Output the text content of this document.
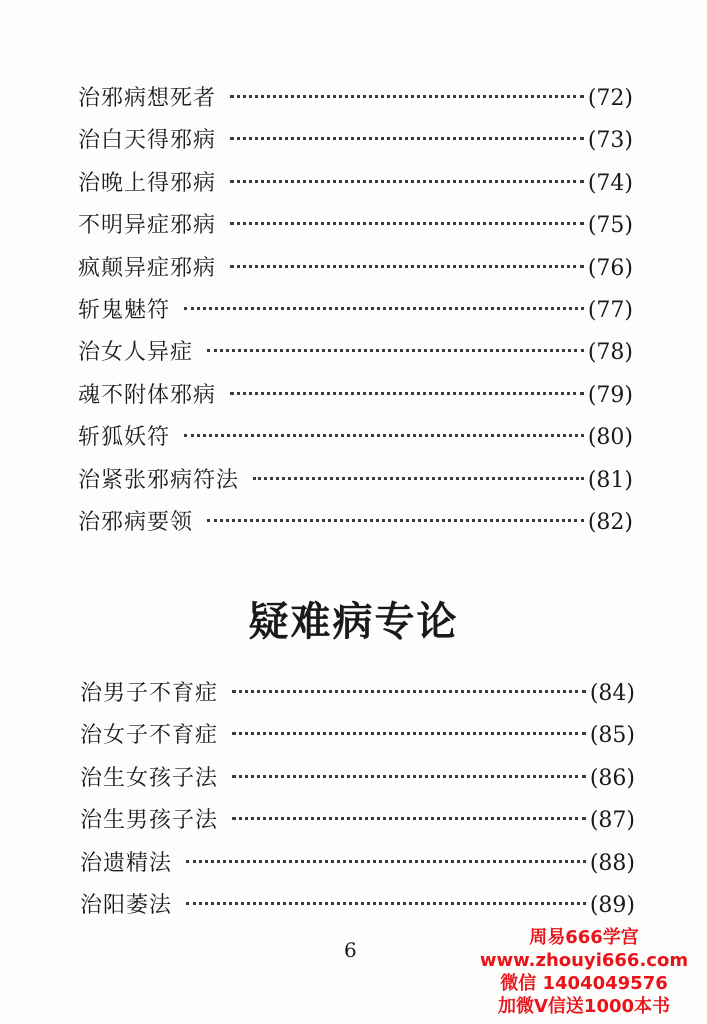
治邪病想死者	(72)
治白天得邪病	(73)
治晚上得邪病	(74)
不明异症邪病	(75)
疯颠异症邪病	(76)
斩鬼魅符	(77)
治女人异症	(78)
魂不附体邪病	(79)
斩狐妖符	(80)
治紧张邪病符法	(81)
治邪病要领	(82)
疑难病专论
治男子不育症	(84)
治女子不育症	(85)
治生女孩子法	(86)
治生男孩子法	(87)
治遗精法	(88)
治阳萎法	(89)
6
周易666学宫
www.zhouyi666.com
微信 1404049576
加微V信送1000本书
